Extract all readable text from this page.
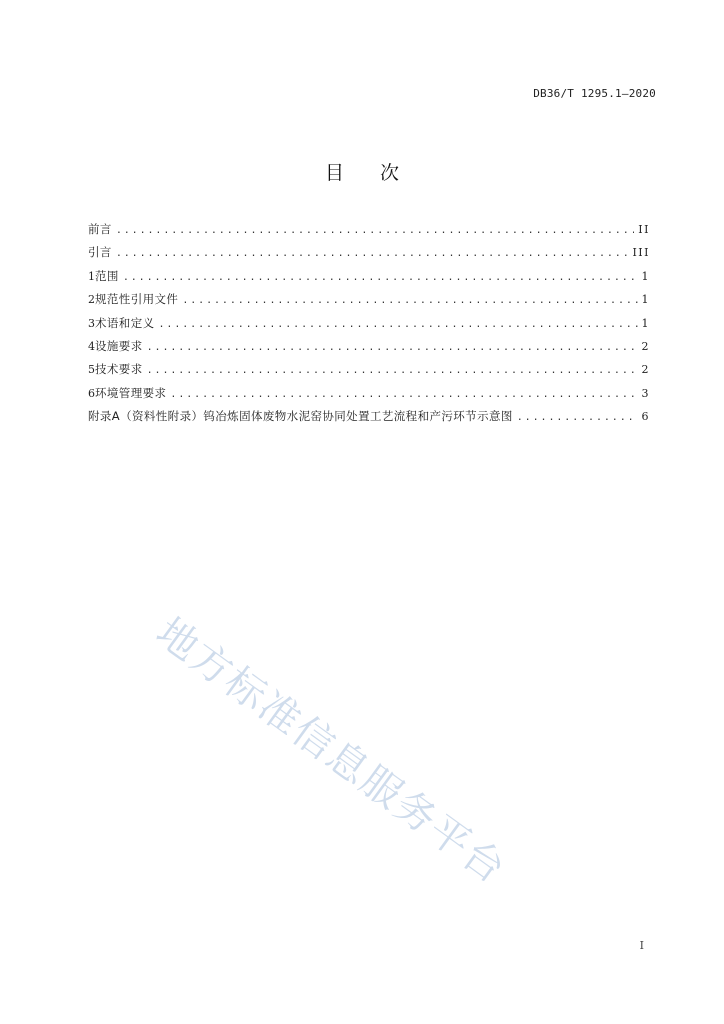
DB36/T 1295.1—2020
目次
前言 .....	II
引言 .....	III
1 范围 .....	1
2 规范性引用文件 .....	1
3 术语和定义 .....	1
4 设施要求 .....	2
5 技术要求 .....	2
6 环境管理要求 .....	3
附录A（资料性附录）钨冶炼固体废物水泥窑协同处置工艺流程和产污环节示意图 .....	6
地方标准信息服务平台
I
